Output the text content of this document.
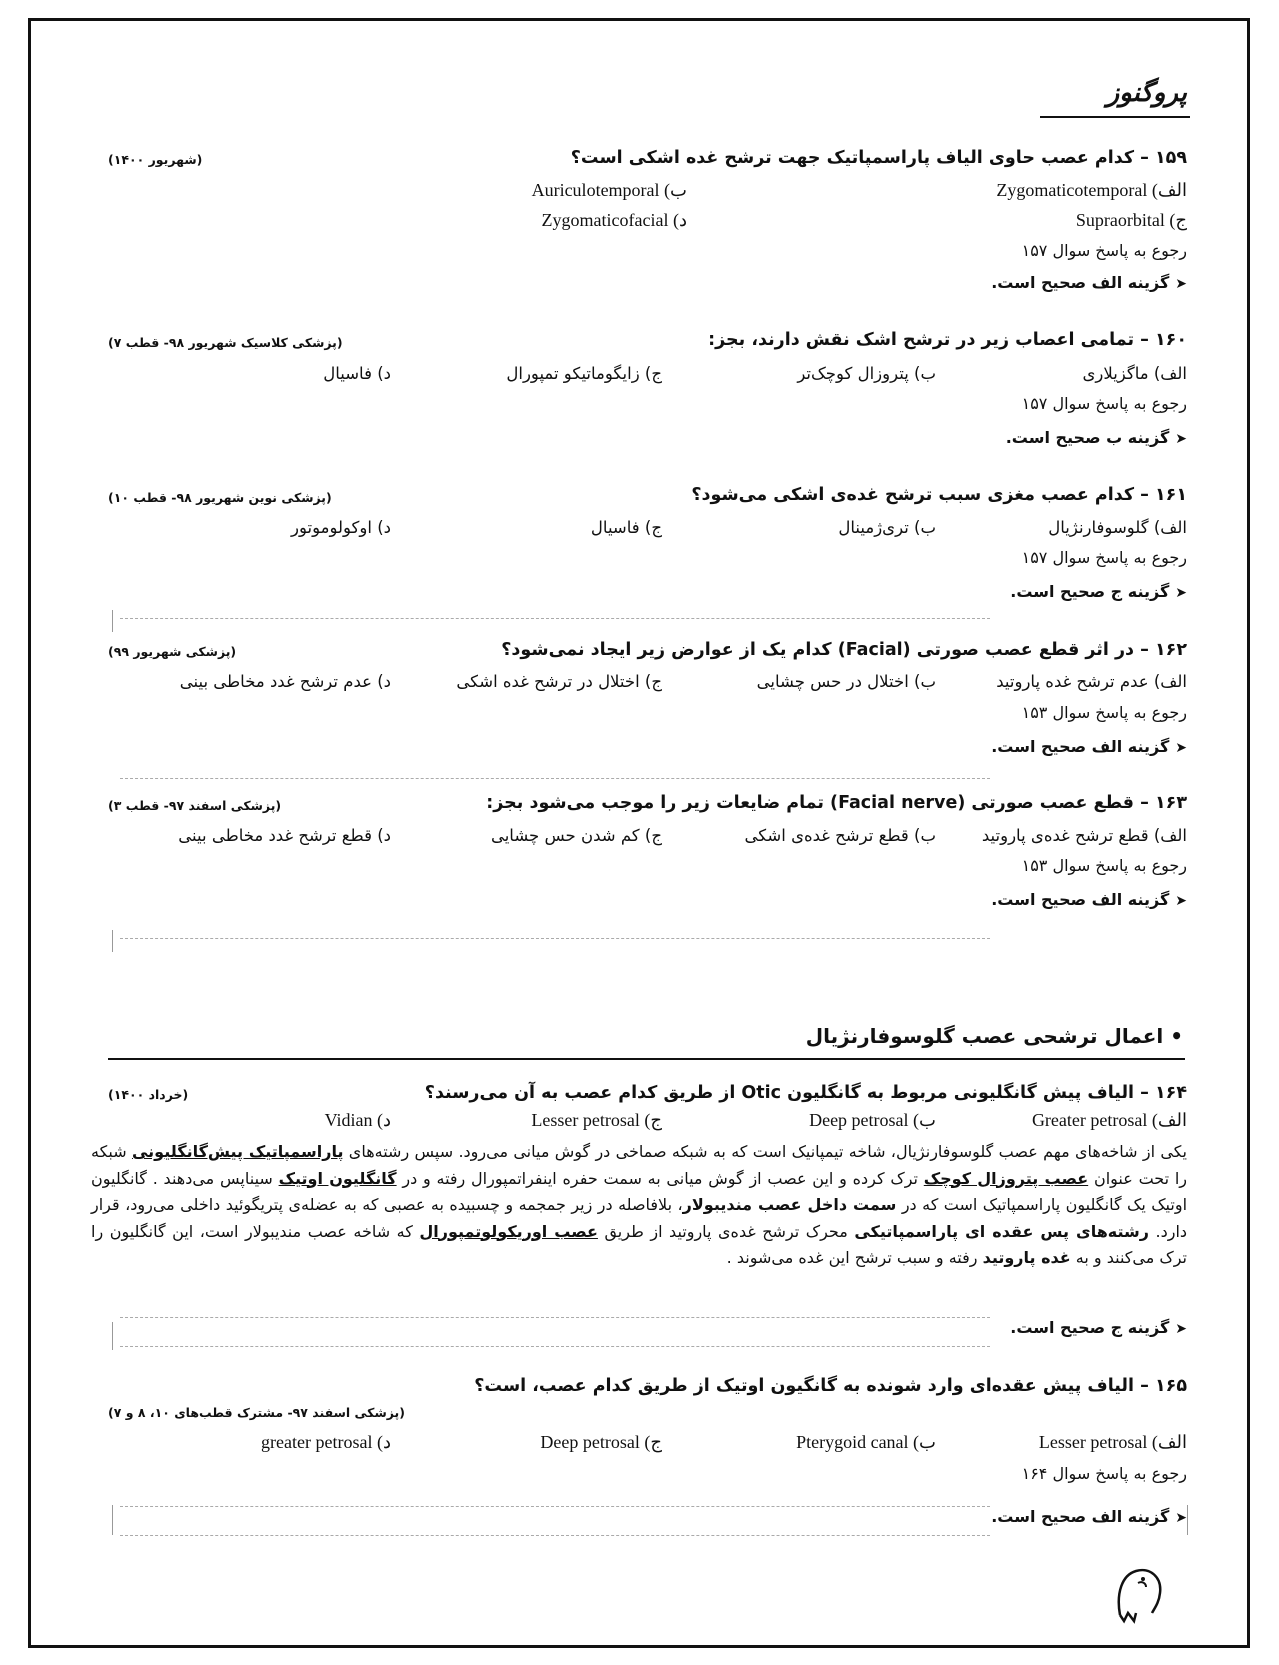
پروگنوز
۱۵۹ – کدام عصب حاوی الیاف پاراسمپاتیک جهت ترشح غده اشکی است؟
(شهریور ۱۴۰۰)
الف) Zygomaticotemporal
ب) Auriculotemporal
ج) Supraorbital
د) Zygomaticofacial
رجوع به پاسخ سوال ۱۵۷
➤گزینه الف صحیح است.
۱۶۰ – تمامی اعصاب زیر در ترشح اشک نقش دارند، بجز:
(پزشکی کلاسیک شهریور ۹۸- قطب ۷)
الف) ماگزیلاری
ب) پتروزال کوچک‌تر
ج) زایگوماتیکو تمپورال
د) فاسیال
رجوع به پاسخ سوال ۱۵۷
➤گزینه ب صحیح است.
۱۶۱ – کدام عصب مغزی سبب ترشح غده‌ی اشکی می‌شود؟
(پزشکی نوین شهریور ۹۸- قطب ۱۰)
الف) گلوسوفارنژیال
ب) تری‌ژمینال
ج) فاسیال
د) اوکولوموتور
رجوع به پاسخ سوال ۱۵۷
➤گزینه ج صحیح است.
۱۶۲ – در اثر قطع عصب صورتی (Facial) کدام یک از عوارض زیر ایجاد نمی‌شود؟
(پزشکی شهریور ۹۹)
الف) عدم ترشح غده پاروتید
ب) اختلال در حس چشایی
ج) اختلال در ترشح غده اشکی
د) عدم ترشح غدد مخاطی بینی
رجوع به پاسخ سوال ۱۵۳
➤گزینه الف صحیح است.
۱۶۳ – قطع عصب صورتی (Facial nerve) تمام ضایعات زیر را موجب می‌شود بجز:
(پزشکی اسفند ۹۷- قطب ۳)
الف) قطع ترشح غده‌ی پاروتید
ب) قطع ترشح غده‌ی اشکی
ج) کم شدن حس چشایی
د) قطع ترشح غدد مخاطی بینی
رجوع به پاسخ سوال ۱۵۳
➤گزینه الف صحیح است.
• اعمال ترشحی عصب گلوسوفارنژیال
۱۶۴ – الیاف پیش گانگلیونی مربوط به گانگلیون Otic از طریق کدام عصب به آن می‌رسند؟
(خرداد ۱۴۰۰)
الف) Greater petrosal
ب) Deep petrosal
ج) Lesser petrosal
د) Vidian
یکی از شاخه‌های مهم عصب گلوسوفارنژیال، شاخه تیمپانیک است که به شبکه صماخی در گوش میانی می‌رود. سپس رشته‌های پاراسمپاتیک پیش‌گانگلیونی شبکه را تحت عنوان عصب پتروزال کوچک ترک کرده و این عصب از گوش میانی به سمت حفره اینفراتمپورال رفته و در گانگلیون اوتیک سیناپس می‌دهند . گانگلیون اوتیک یک گانگلیون پاراسمپاتیک است که در سمت داخل عصب مندیبولار، بلافاصله در زیر جمجمه و چسبیده به عصبی که به عضله‌ی پتریگوئید داخلی می‌رود، قرار دارد. رشته‌های پس عقده ای پاراسمپاتیکی محرک ترشح غده‌ی پاروتید از طریق عصب اوریکولوتمپورال که شاخه عصب مندیبولار است، این گانگلیون را ترک می‌کنند و به غده پاروتید رفته و سبب ترشح این غده می‌شوند .
➤گزینه ج صحیح است.
۱۶۵ – الیاف پیش عقده‌ای وارد شونده به گانگیون اوتیک از طریق کدام عصب، است؟
(پزشکی اسفند ۹۷- مشترک قطب‌های ۱۰، ۸ و ۷)
الف) Lesser petrosal
ب) Pterygoid canal
ج) Deep petrosal
د) greater petrosal
رجوع به پاسخ سوال ۱۶۴
➤گزینه الف صحیح است.
